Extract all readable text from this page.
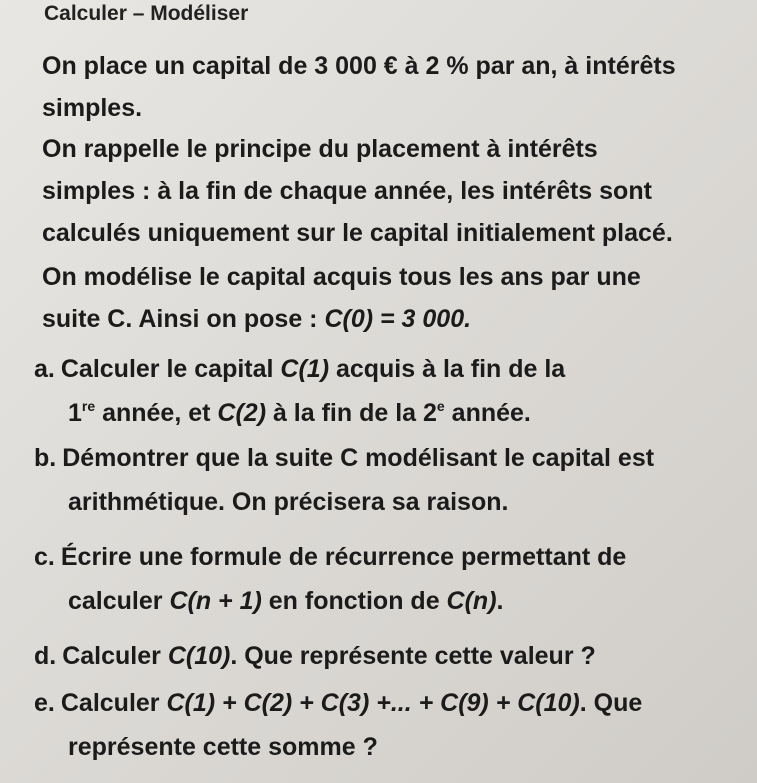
Calculer – Modéliser

On place un capital de 3 000 € à 2 % par an, à intérêts
simples.

On rappelle le principe du placement à intérêts
simples : à la fin de chaque année, les intérêts sont
calculés uniquement sur le capital initialement placé.

On modélise le capital acquis tous les ans par une
suite C. Ainsi on pose : C(0) = 3 000.

a. Calculer le capital C(1) acquis à la fin de la
1re année, et C(2) à la fin de la 2e année.

b. Démontrer que la suite C modélisant le capital est
arithmétique. On précisera sa raison.

c. Écrire une formule de récurrence permettant de
calculer C(n + 1) en fonction de C(n).

d. Calculer C(10). Que représente cette valeur ?

e. Calculer C(1) + C(2) + C(3) +... + C(9) + C(10). Que
représente cette somme ?
